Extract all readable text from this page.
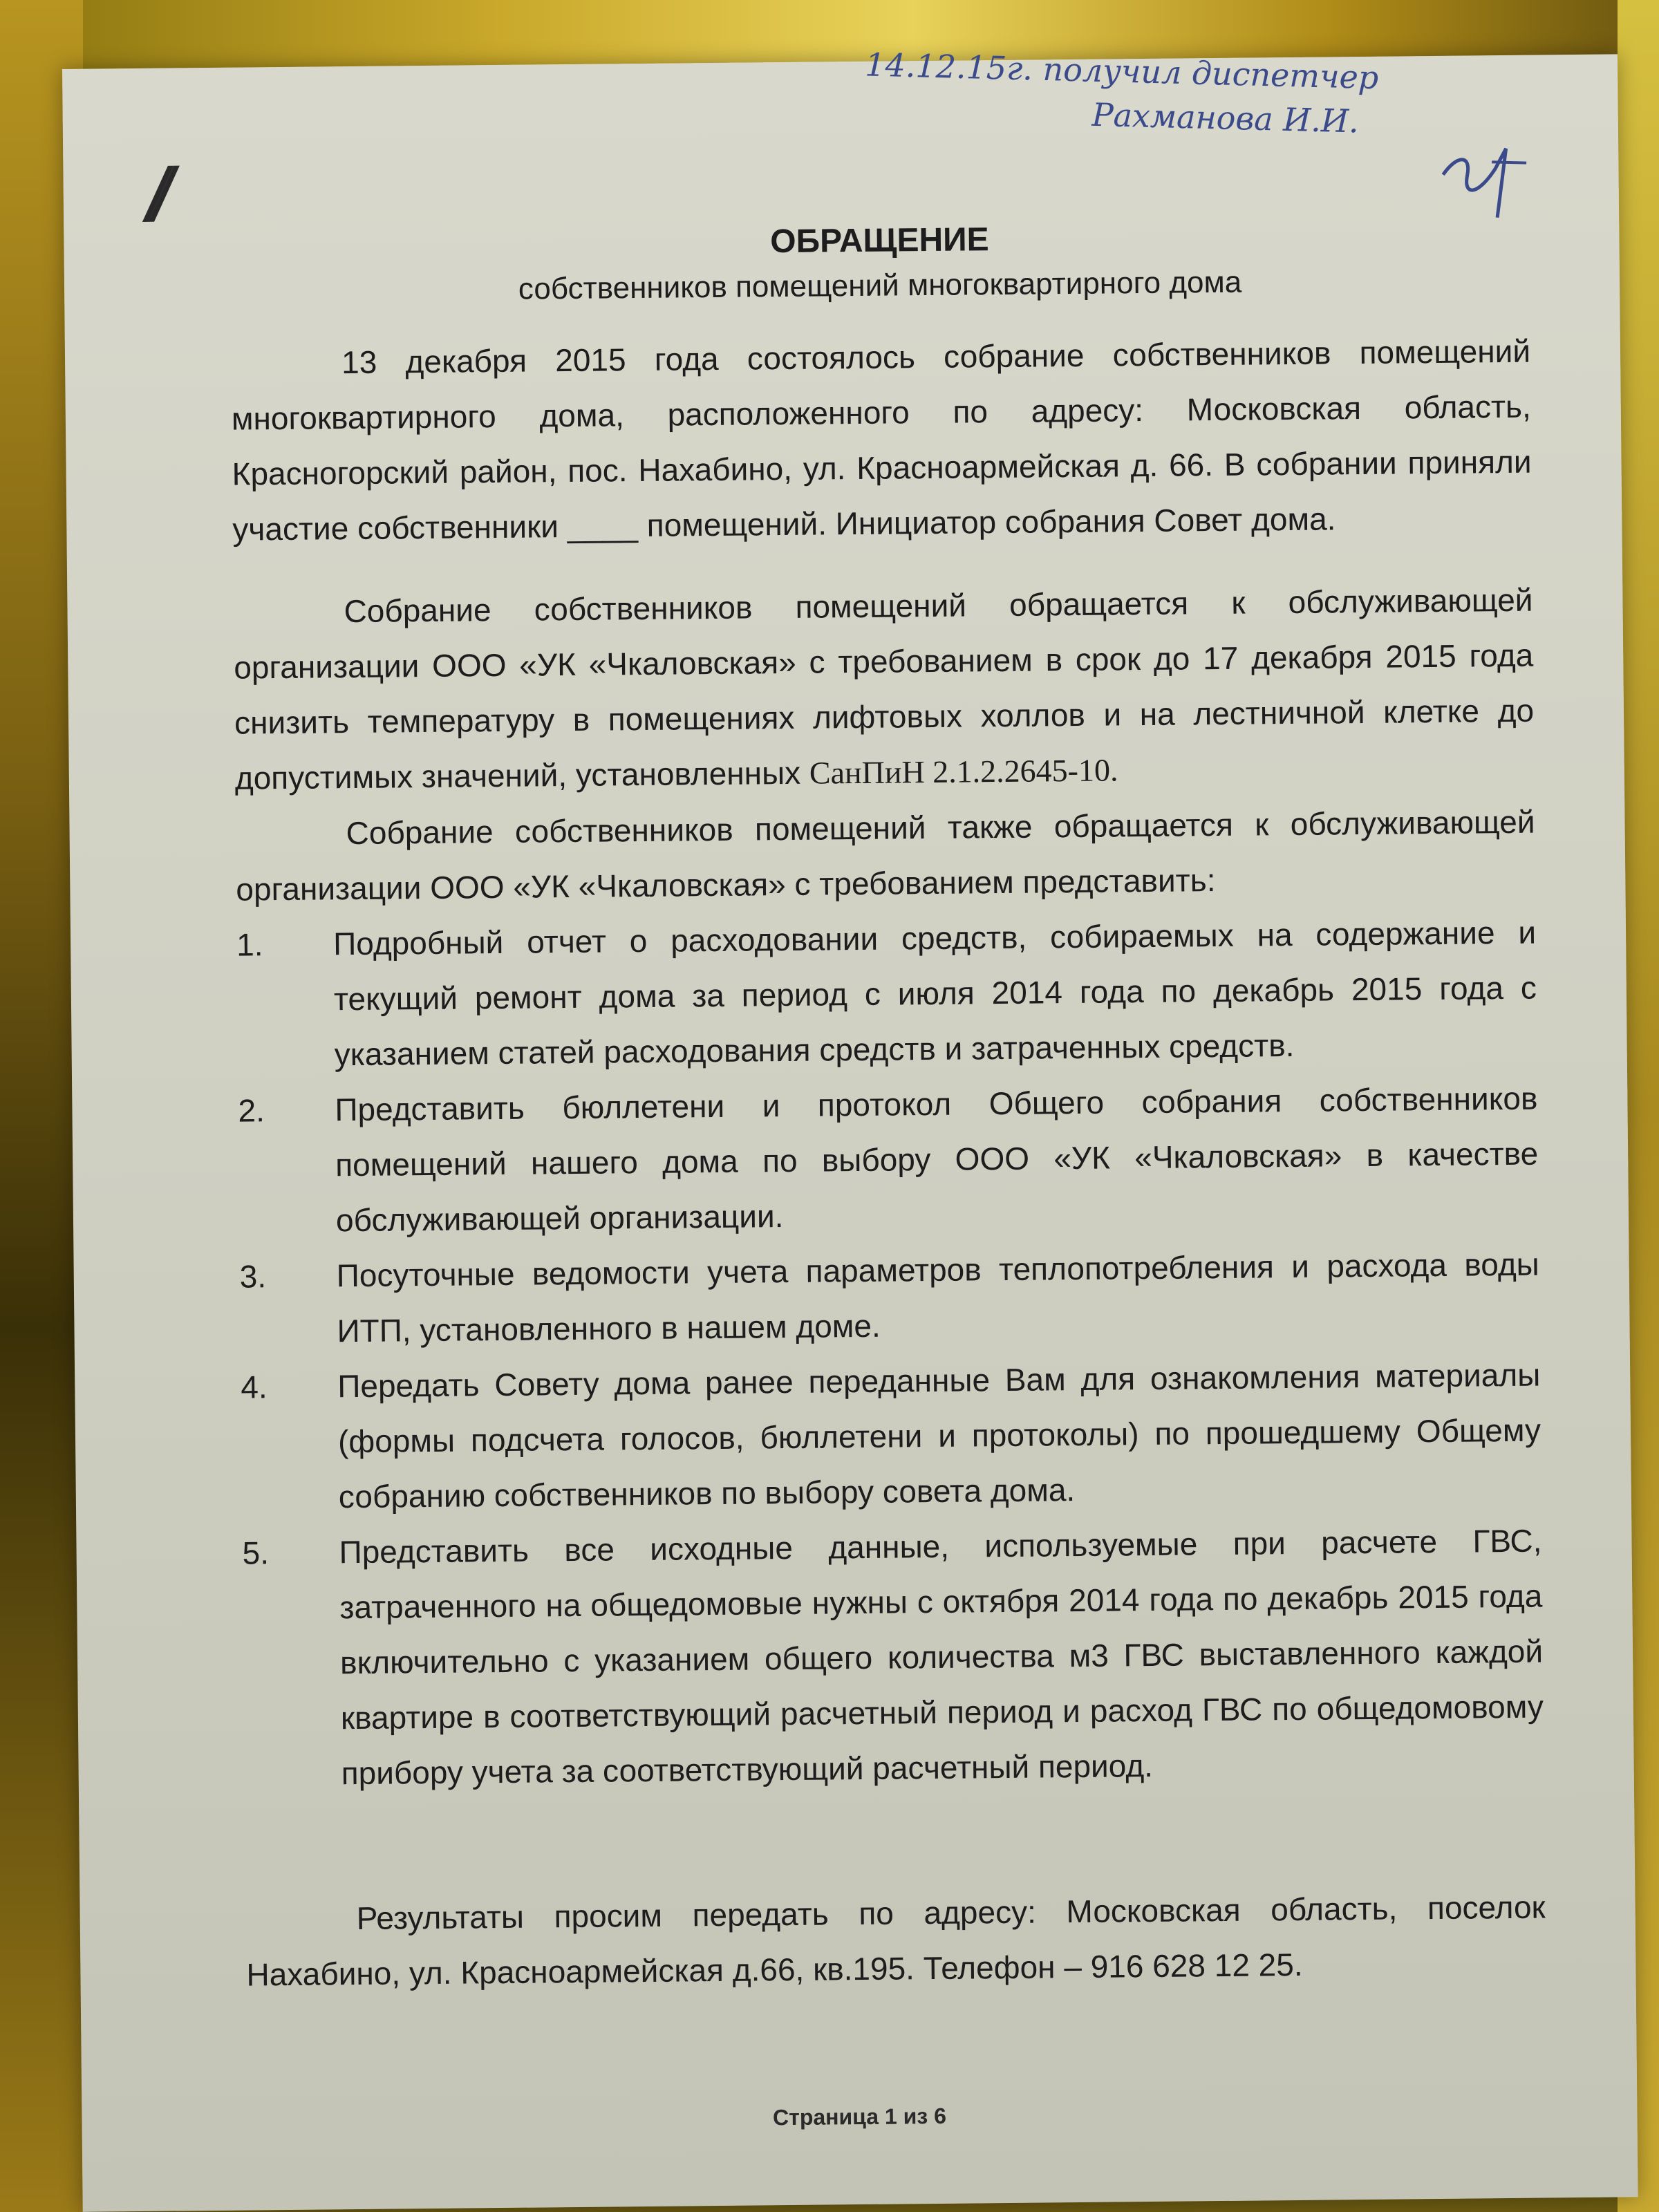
//
14.12.15г. получил диспетчер
Рахманова И.И.
ОБРАЩЕНИЕ
собственников помещений многоквартирного дома

13 декабря 2015 года состоялось собрание собственников помещений многоквартирного дома, расположенного по адресу: Московская область, Красногорский район, пос. Нахабино, ул. Красноармейская д. 66. В собрании приняли участие собственники ____ помещений. Инициатор собрания Совет дома.

Собрание собственников помещений обращается к обслуживающей организации ООО «УК «Чкаловская» с требованием в срок до 17 декабря 2015 года снизить температуру в помещениях лифтовых холлов и на лестничной клетке до допустимых значений, установленных СанПиН 2.1.2.2645-10.

Собрание собственников помещений также обращается к обслуживающей организации ООО «УК «Чкаловская» с требованием представить:

1.	Подробный отчет о расходовании средств, собираемых на содержание и текущий ремонт дома за период с июля 2014 года по декабрь 2015 года с указанием статей расходования средств и затраченных средств.
2.	Представить бюллетени и протокол Общего собрания собственников помещений нашего дома по выбору ООО «УК «Чкаловская» в качестве обслуживающей организации.
3.	Посуточные ведомости учета параметров теплопотребления и расхода воды ИТП, установленного в нашем доме.
4.	Передать Совету дома ранее переданные Вам для ознакомления материалы (формы подсчета голосов, бюллетени и протоколы) по прошедшему Общему собранию собственников по выбору совета дома.
5.	Представить все исходные данные, используемые при расчете ГВС, затраченного на общедомовые нужны с октября 2014 года по декабрь 2015 года включительно с указанием общего количества м3 ГВС выставленного каждой квартире в соответствующий расчетный период и расход ГВС по общедомовому прибору учета за соответствующий расчетный период.

Результаты просим передать по адресу: Московская область, поселок Нахабино, ул. Красноармейская д.66, кв.195. Телефон – 916 628 12 25.

Страница 1 из 6
